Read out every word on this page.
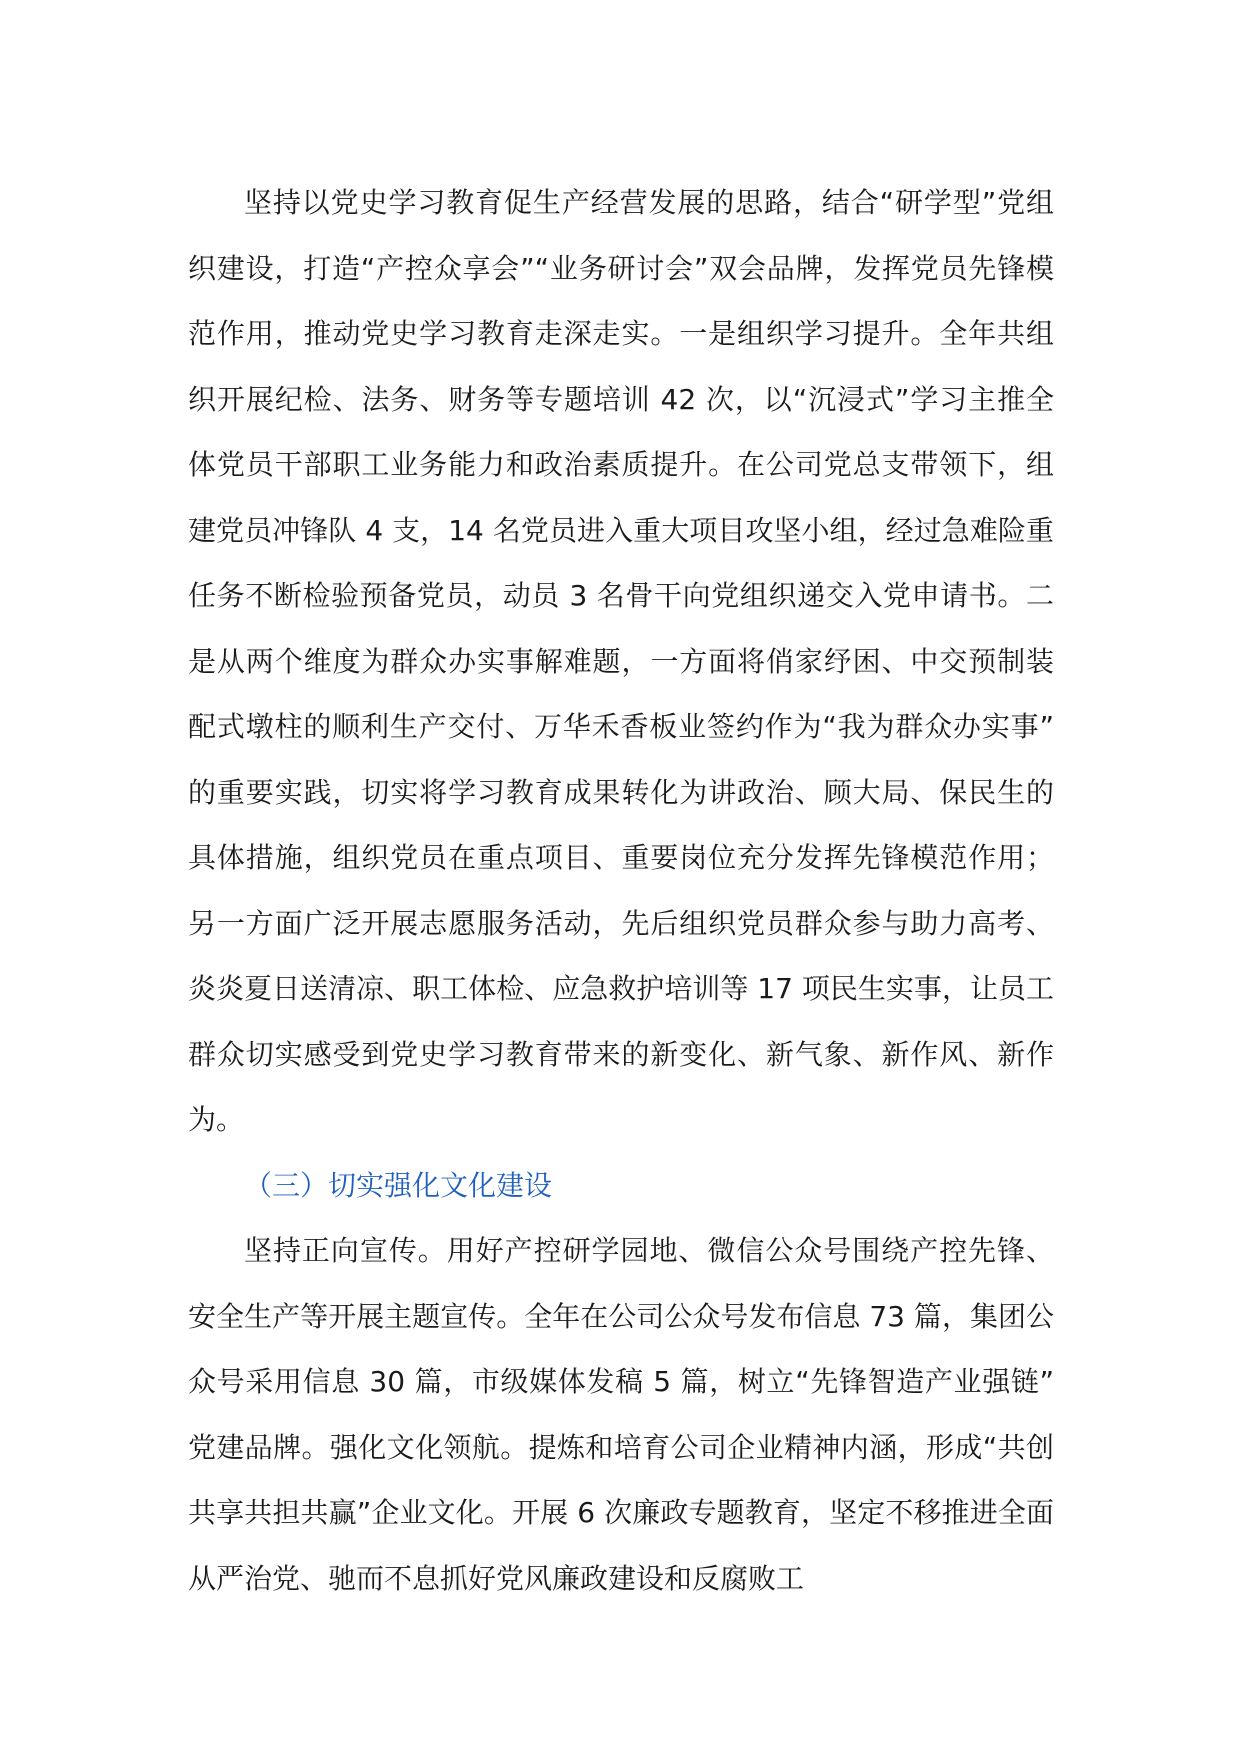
坚持以党史学习教育促生产经营发展的思路，结合“研学型”党组织建设，打造“产控众享会”“业务研讨会”双会品牌，发挥党员先锋模范作用，推动党史学习教育走深走实。一是组织学习提升。全年共组织开展纪检、法务、财务等专题培训 42 次，以“沉浸式”学习主推全体党员干部职工业务能力和政治素质提升。在公司党总支带领下，组建党员冲锋队 4 支，14 名党员进入重大项目攻坚小组，经过急难险重任务不断检验预备党员，动员 3 名骨干向党组织递交入党申请书。二是从两个维度为群众办实事解难题，一方面将俏家纾困、中交预制装配式墩柱的顺利生产交付、万华禾香板业签约作为“我为群众办实事”的重要实践，切实将学习教育成果转化为讲政治、顾大局、保民生的具体措施，组织党员在重点项目、重要岗位充分发挥先锋模范作用；另一方面广泛开展志愿服务活动，先后组织党员群众参与助力高考、炎炎夏日送清凉、职工体检、应急救护培训等 17 项民生实事，让员工群众切实感受到党史学习教育带来的新变化、新气象、新作风、新作为。

（三）切实强化文化建设

坚持正向宣传。用好产控研学园地、微信公众号围绕产控先锋、安全生产等开展主题宣传。全年在公司公众号发布信息 73 篇，集团公众号采用信息 30 篇，市级媒体发稿 5 篇，树立“先锋智造产业强链”党建品牌。强化文化领航。提炼和培育公司企业精神内涵，形成“共创共享共担共赢”企业文化。开展 6 次廉政专题教育，坚定不移推进全面从严治党、驰而不息抓好党风廉政建设和反腐败工
